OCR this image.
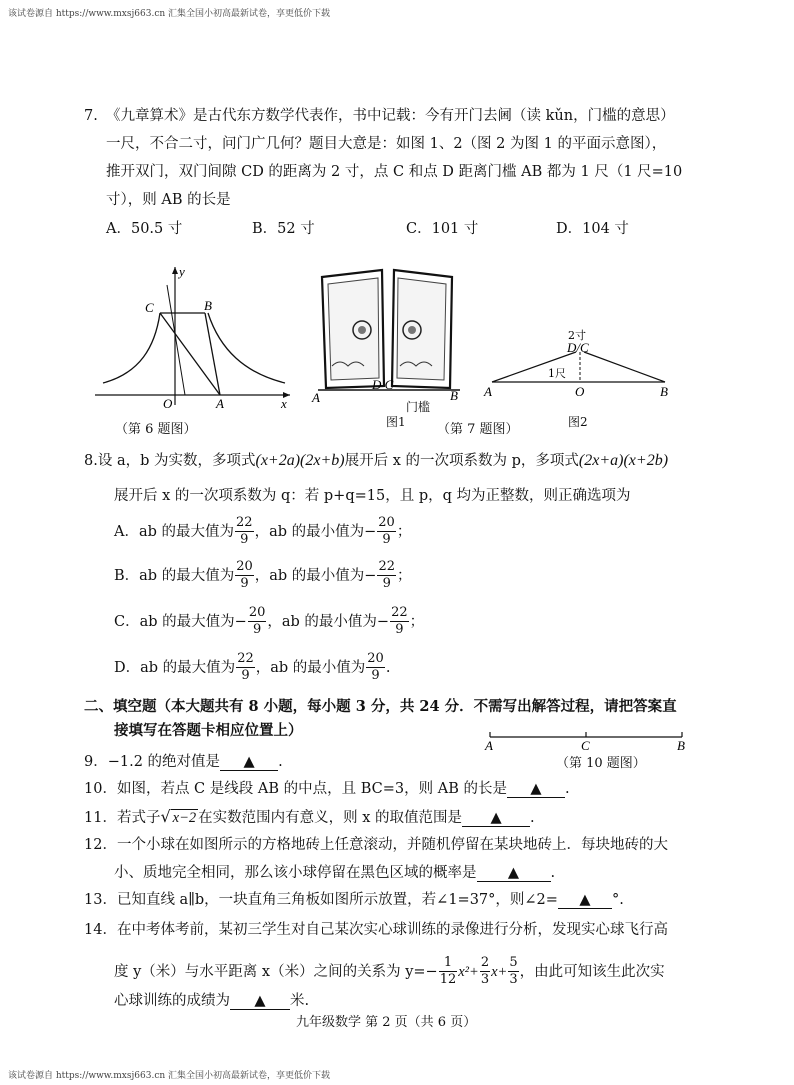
该试卷源自 https://www.mxsj663.cn 汇集全国小初高最新试卷，享更低价下载
7. 《九章算术》是古代东方数学代表作，书中记载：今有开门去阃（读 kǔn，门槛的意思）
一尺，不合二寸，问门广几何？题目大意是：如图 1、2（图 2 为图 1 的平面示意图），
推开双门，双门间隙 CD 的距离为 2 寸，点 C 和点 D 距离门槛 AB 都为 1 尺（1 尺=10
寸），则 AB 的长是
A．50.5 寸	B．52 寸	C．101 寸	D．104 寸
y
x
C	B
O	A
（第 6 题图）
A	B
D C
门槛
图1 （第 7 题图）
2寸
D/C
1尺
A	O	B
图2
8.设 a，b 为实数，多项式(x+2a)(2x+b)展开后 x 的一次项系数为 p，多项式(2x+a)(x+2b)
展开后 x 的一次项系数为 q：若 p+q=15，且 p，q 均为正整数，则正确选项为
A．ab 的最大值为 $\frac{22}{9}$ ，ab 的最小值为− $\frac{20}{9}$ ；
B．ab 的最大值为 $\frac{20}{9}$ ，ab 的最小值为− $\frac{22}{9}$ ；
C．ab 的最大值为− $\frac{20}{9}$ ，ab 的最小值为− $\frac{22}{9}$ ；
D．ab 的最大值为 $\frac{22}{9}$ ，ab 的最小值为 $\frac{20}{9}$ .
二、填空题（本大题共有 8 小题，每小题 3 分，共 24 分．不需写出解答过程，请把答案直
接填写在答题卡相应位置上）
A	C	B
（第 10 题图）
9．−1.2 的绝对值是 ▲ .
10．如图，若点 C 是线段 AB 的中点，且 BC=3，则 AB 的长是 ▲ .
11．若式子√ x−2 在实数范围内有意义，则 x 的取值范围是 ▲ .
12．一个小球在如图所示的方格地砖上任意滚动，并随机停留在某块地砖上．每块地砖的大
小、质地完全相同，那么该小球停留在黑色区域的概率是 ▲ .
13．已知直线 a∥b，一块直角三角板如图所示放置，若∠1=37°，则∠2= ▲ °.
14．在中考体考前，某初三学生对自己某次实心球训练的录像进行分析，发现实心球飞行高
度 y（米）与水平距离 x（米）之间的关系为 $y=- \frac{1}{12} x^2+ \frac{2}{3} x+ \frac{5}{3}$ ，由此可知该生此次实
心球训练的成绩为 ▲ 米.
九年级数学 第 2 页（共 6 页）
该试卷源自 https://www.mxsj663.cn 汇集全国小初高最新试卷，享更低价下载
